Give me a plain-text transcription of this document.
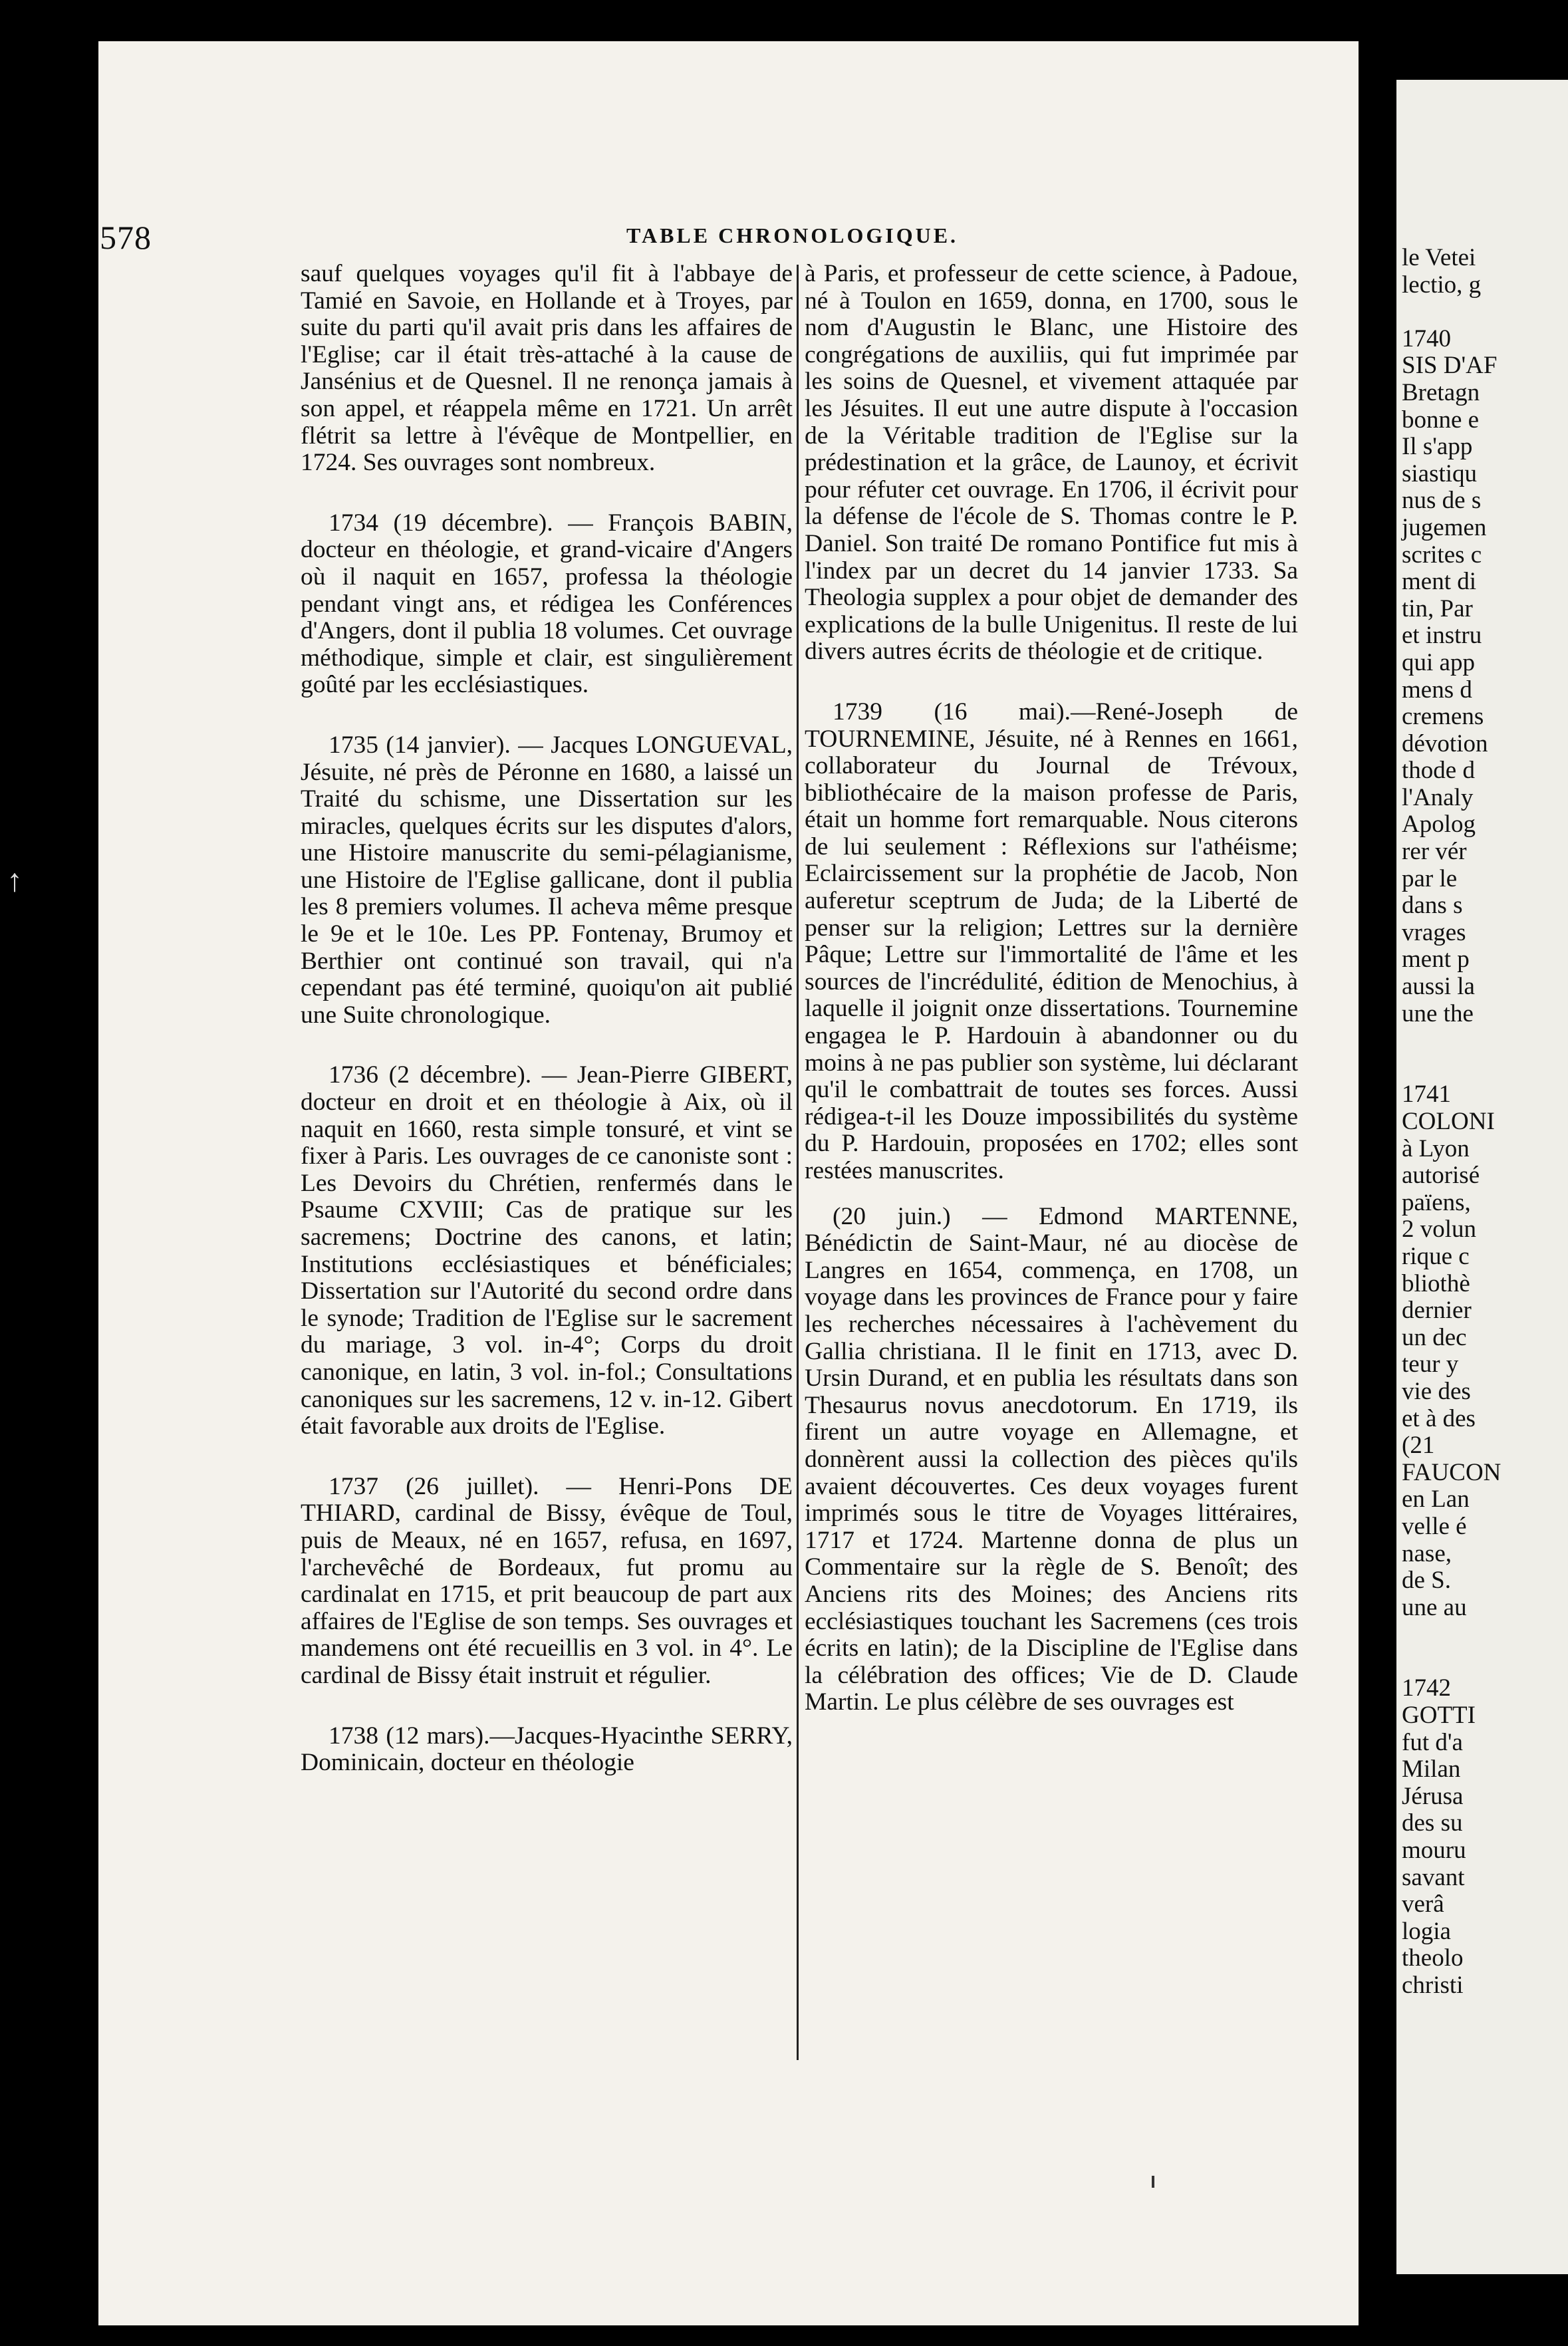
↑
578	TABLE CHRONOLOGIQUE.

sauf quelques voyages qu'il fit à l'abbaye de Tamié en Savoie, en Hollande et à Troyes, par suite du parti qu'il avait pris dans les affaires de l'Eglise; car il était très-attaché à la cause de Jansénius et de Quesnel. Il ne renonça jamais à son appel, et réappela même en 1721. Un arrêt flétrit sa lettre à l'évêque de Montpellier, en 1724. Ses ouvrages sont nombreux.

1734 (19 décembre). — François BABIN, docteur en théologie, et grand-vicaire d'Angers où il naquit en 1657, professa la théologie pendant vingt ans, et rédigea les Conférences d'Angers, dont il publia 18 volumes. Cet ouvrage méthodique, simple et clair, est singulièrement goûté par les ecclésiastiques.

1735 (14 janvier). — Jacques LONGUEVAL, Jésuite, né près de Péronne en 1680, a laissé un Traité du schisme, une Dissertation sur les miracles, quelques écrits sur les disputes d'alors, une Histoire manuscrite du semi-pélagianisme, une Histoire de l'Eglise gallicane, dont il publia les 8 premiers volumes. Il acheva même presque le 9e et le 10e. Les PP. Fontenay, Brumoy et Berthier ont continué son travail, qui n'a cependant pas été terminé, quoiqu'on ait publié une Suite chronologique.

1736 (2 décembre). — Jean-Pierre GIBERT, docteur en droit et en théologie à Aix, où il naquit en 1660, resta simple tonsuré, et vint se fixer à Paris. Les ouvrages de ce canoniste sont : Les Devoirs du Chrétien, renfermés dans le Psaume CXVIII; Cas de pratique sur les sacremens; Doctrine des canons, et latin; Institutions ecclésiastiques et bénéficiales; Dissertation sur l'Autorité du second ordre dans le synode; Tradition de l'Eglise sur le sacrement du mariage, 3 vol. in-4°; Corps du droit canonique, en latin, 3 vol. in-fol.; Consultations canoniques sur les sacremens, 12 v. in-12. Gibert était favorable aux droits de l'Eglise.

1737 (26 juillet). — Henri-Pons DE THIARD, cardinal de Bissy, évêque de Toul, puis de Meaux, né en 1657, refusa, en 1697, l'archevêché de Bordeaux, fut promu au cardinalat en 1715, et prit beaucoup de part aux affaires de l'Eglise de son temps. Ses ouvrages et mandemens ont été recueillis en 3 vol. in 4°. Le cardinal de Bissy était instruit et régulier.

1738 (12 mars).—Jacques-Hyacinthe SERRY, Dominicain, docteur en théologie

à Paris, et professeur de cette science, à Padoue, né à Toulon en 1659, donna, en 1700, sous le nom d'Augustin le Blanc, une Histoire des congrégations de auxiliis, qui fut imprimée par les soins de Quesnel, et vivement attaquée par les Jésuites. Il eut une autre dispute à l'occasion de la Véritable tradition de l'Eglise sur la prédestination et la grâce, de Launoy, et écrivit pour réfuter cet ouvrage. En 1706, il écrivit pour la défense de l'école de S. Thomas contre le P. Daniel. Son traité De romano Pontifice fut mis à l'index par un decret du 14 janvier 1733. Sa Theologia supplex a pour objet de demander des explications de la bulle Unigenitus. Il reste de lui divers autres écrits de théologie et de critique.

1739 (16 mai).—René-Joseph de TOURNEMINE, Jésuite, né à Rennes en 1661, collaborateur du Journal de Trévoux, bibliothécaire de la maison professe de Paris, était un homme fort remarquable. Nous citerons de lui seulement : Réflexions sur l'athéisme; Eclaircissement sur la prophétie de Jacob, Non auferetur sceptrum de Juda; de la Liberté de penser sur la religion; Lettres sur la dernière Pâque; Lettre sur l'immortalité de l'âme et les sources de l'incrédulité, édition de Menochius, à laquelle il joignit onze dissertations. Tournemine engagea le P. Hardouin à abandonner ou du moins à ne pas publier son système, lui déclarant qu'il le combattrait de toutes ses forces. Aussi rédigea-t-il les Douze impossibilités du système du P. Hardouin, proposées en 1702; elles sont restées manuscrites.

(20 juin.) — Edmond MARTENNE, Bénédictin de Saint-Maur, né au diocèse de Langres en 1654, commença, en 1708, un voyage dans les provinces de France pour y faire les recherches nécessaires à l'achèvement du Gallia christiana. Il le finit en 1713, avec D. Ursin Durand, et en publia les résultats dans son Thesaurus novus anecdotorum. En 1719, ils firent un autre voyage en Allemagne, et donnèrent aussi la collection des pièces qu'ils avaient découvertes. Ces deux voyages furent imprimés sous le titre de Voyages littéraires, 1717 et 1724. Martenne donna de plus un Commentaire sur la règle de S. Benoît; des Anciens rits des Moines; des Anciens rits ecclésiastiques touchant les Sacremens (ces trois écrits en latin); de la Discipline de l'Eglise dans la célébration des offices; Vie de D. Claude Martin. Le plus célèbre de ses ouvrages est

le Vetei
lectio, g
1740
SIS D'AF
Bretagn
bonne e
Il s'app
siastiqu
nus de s
jugemen
scrites c
ment di
tin, Par
et instru
qui app
mens d
cremens
dévotion
thode d
l'Analy
Apolog
rer vér
par le
dans s
vrages
ment p
aussi la
une the
1741
COLONI
à Lyon
autorisé
païens,
2 volun
rique c
bliothè
dernier
un dec
teur y
vie des
et à des
(21
FAUCON
en Lan
velle é
nase,
de S.
une au
1742
GOTTI
fut d'a
Milan
Jérusa
des su
mouru
savant
verâ
logia
theolo
christi
